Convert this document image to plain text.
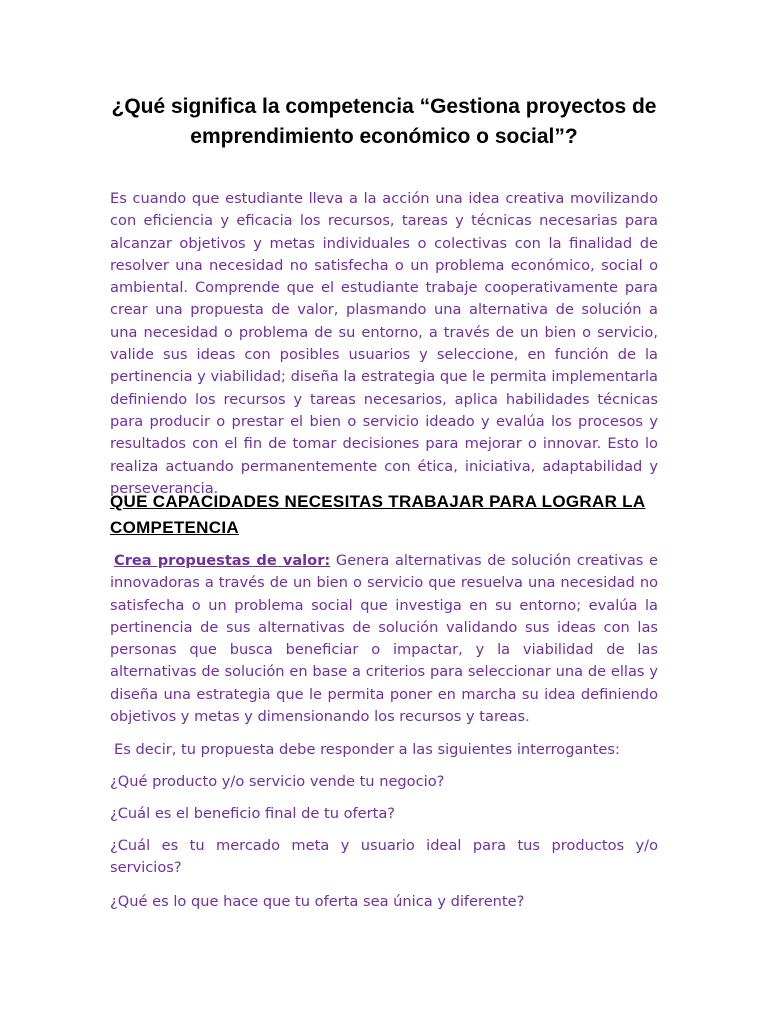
¿Qué significa la competencia “Gestiona proyectos de emprendimiento económico o social”?

Es cuando que estudiante lleva a la acción una idea creativa movilizando con eficiencia y eficacia los recursos, tareas y técnicas necesarias para alcanzar objetivos y metas individuales o colectivas con la finalidad de resolver una necesidad no satisfecha o un problema económico, social o ambiental. Comprende que el estudiante trabaje cooperativamente para crear una propuesta de valor, plasmando una alternativa de solución a una necesidad o problema de su entorno, a través de un bien o servicio, valide sus ideas con posibles usuarios y seleccione, en función de la pertinencia y viabilidad; diseña la estrategia que le permita implementarla definiendo los recursos y tareas necesarios, aplica habilidades técnicas para producir o prestar el bien o servicio ideado y evalúa los procesos y resultados con el fin de tomar decisiones para mejorar o innovar. Esto lo realiza actuando permanentemente con ética, iniciativa, adaptabilidad y perseverancia.

QUE CAPACIDADES NECESITAS TRABAJAR PARA LOGRAR LA COMPETENCIA

Crea propuestas de valor: Genera alternativas de solución creativas e innovadoras a través de un bien o servicio que resuelva una necesidad no satisfecha o un problema social que investiga en su entorno; evalúa la pertinencia de sus alternativas de solución validando sus ideas con las personas que busca beneficiar o impactar, y la viabilidad de las alternativas de solución en base a criterios para seleccionar una de ellas y diseña una estrategia que le permita poner en marcha su idea definiendo objetivos y metas y dimensionando los recursos y tareas.

Es decir, tu propuesta debe responder a las siguientes interrogantes:

¿Qué producto y/o servicio vende tu negocio?

¿Cuál es el beneficio final de tu oferta?

¿Cuál es tu mercado meta y usuario ideal para tus productos y/o servicios?

¿Qué es lo que hace que tu oferta sea única y diferente?
